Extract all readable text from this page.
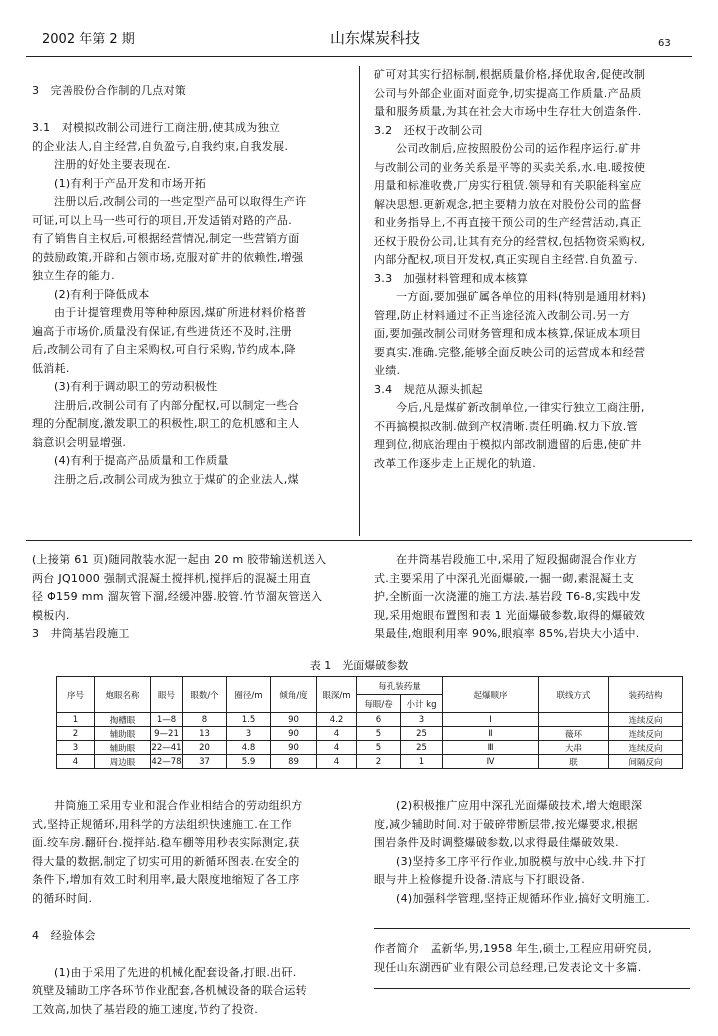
2002 年第 2 期	山东煤炭科技	63

3　完善股份合作制的几点对策

3.1　对模拟改制公司进行工商注册,使其成为独立

的企业法人,自主经营,自负盈亏,自我约束,自我发展.

注册的好处主要表现在.

(1)有利于产品开发和市场开拓

注册以后,改制公司的一些定型产品可以取得生产许

可证,可以上马一些可行的项目,开发适销对路的产品.

有了销售自主权后,可根据经营情况,制定一些营销方面

的鼓励政策,开辟和占领市场,克服对矿井的依赖性,增强

独立生存的能力.

(2)有利于降低成本

由于计提管理费用等种种原因,煤矿所进材料价格普

遍高于市场价,质量没有保证,有些进货还不及时,注册

后,改制公司有了自主采购权,可自行采购,节约成本,降

低消耗.

(3)有利于调动职工的劳动积极性

注册后,改制公司有了内部分配权,可以制定一些合

理的分配制度,激发职工的积极性,职工的危机感和主人

翁意识会明显增强.

(4)有利于提高产品质量和工作质量

注册之后,改制公司成为独立于煤矿的企业法人,煤

矿可对其实行招标制,根据质量价格,择优取舍,促使改制

公司与外部企业面对面竞争,切实提高工作质量.产品质

量和服务质量,为其在社会大市场中生存壮大创造条件.

3.2　还权于改制公司

公司改制后,应按照股份公司的运作程序运行.矿井

与改制公司的业务关系是平等的买卖关系,水.电.暖按使

用量和标准收费,厂房实行租赁.领导和有关职能科室应

解决思想.更新观念,把主要精力放在对股份公司的监督

和业务指导上,不再直接干预公司的生产经营活动,真正

还权于股份公司,让其有充分的经营权,包括物资采购权,

内部分配权,项目开发权,真正实现自主经营.自负盈亏.

3.3　加强材料管理和成本核算

一方面,要加强矿属各单位的用料(特别是通用材料)

管理,防止材料通过不正当途径流入改制公司.另一方

面,要加强改制公司财务管理和成本核算,保证成本项目

要真实.准确.完整,能够全面反映公司的运营成本和经营

业绩.

3.4　规范从源头抓起

今后,凡是煤矿新改制单位,一律实行独立工商注册,

不再搞模拟改制.做到产权清晰.责任明确.权力下放.管

理到位,彻底治理由于模拟内部改制遗留的后患,使矿井

改革工作逐步走上正规化的轨道.

(上接第 61 页)随同散装水泥一起由 20 m 胶带输送机送入

两台 JQ1000 强制式混凝土搅拌机,搅拌后的混凝土用直

径 Φ159 mm 溜灰管下溜,经缓冲器.胶管.竹节溜灰管送入

模板内.

3　井筒基岩段施工

在井筒基岩段施工中,采用了短段掘砌混合作业方

式.主要采用了中深孔光面爆破,一掘一砌,素混凝土支

护,全断面一次浇灌的施工方法.基岩段 T6-8,实践中发

现,采用炮眼布置图和表 1 光面爆破参数,取得的爆破效

果最佳,炮眼利用率 90%,眼痕率 85%,岩块大小适中.

表 1　光面爆破参数
序号	炮眼名称	眼号	眼数/个	圈径/m	倾角/度	眼深/m	每孔装药量		起爆顺序	联线方式	装药结构
							每眼/卷	小计 kg			
1	掏槽眼	1—8	8	1.5	90	4.2	6	3	Ⅰ		连续反向
2	辅助眼	9—21	13	3	90	4	5	25	Ⅱ	薇环	连续反向
3	辅助眼	22—41	20	4.8	90	4	5	25	Ⅲ	大串	连续反向
4	周边眼	42—78	37	5.9	89	4	2	1	Ⅳ	联	间隔反向

井筒施工采用专业和混合作业相结合的劳动组织方

式,坚持正规循环,用科学的方法组织快速施工.在工作

面.绞车房.翻矸台.搅拌站.稳车棚等用秒表实际测定,获

得大量的数据,制定了切实可用的新循环图表.在安全的

条件下,增加有效工时利用率,最大限度地缩短了各工序

的循环时间.

4　经验体会

(1)由于采用了先进的机械化配套设备,打眼.出矸.

筑壁及辅助工序各环节作业配套,各机械设备的联合运转

工效高,加快了基岩段的施工速度,节约了投资.

(2)积极推广应用中深孔光面爆破技术,增大炮眼深

度,减少辅助时间.对于破碎带断层带,按光爆要求,根据

围岩条件及时调整爆破参数,以求得最佳爆破效果.

(3)坚持多工序平行作业,加脱模与放中心线.井下打

眼与井上检修提升设备.清底与下打眼设备.

(4)加强科学管理,坚持正规循环作业,搞好文明施工.

作者简介　孟新华,男,1958 年生,硕士,工程应用研究员,

现任山东湖西矿业有限公司总经理,已发表论文十多篇.
